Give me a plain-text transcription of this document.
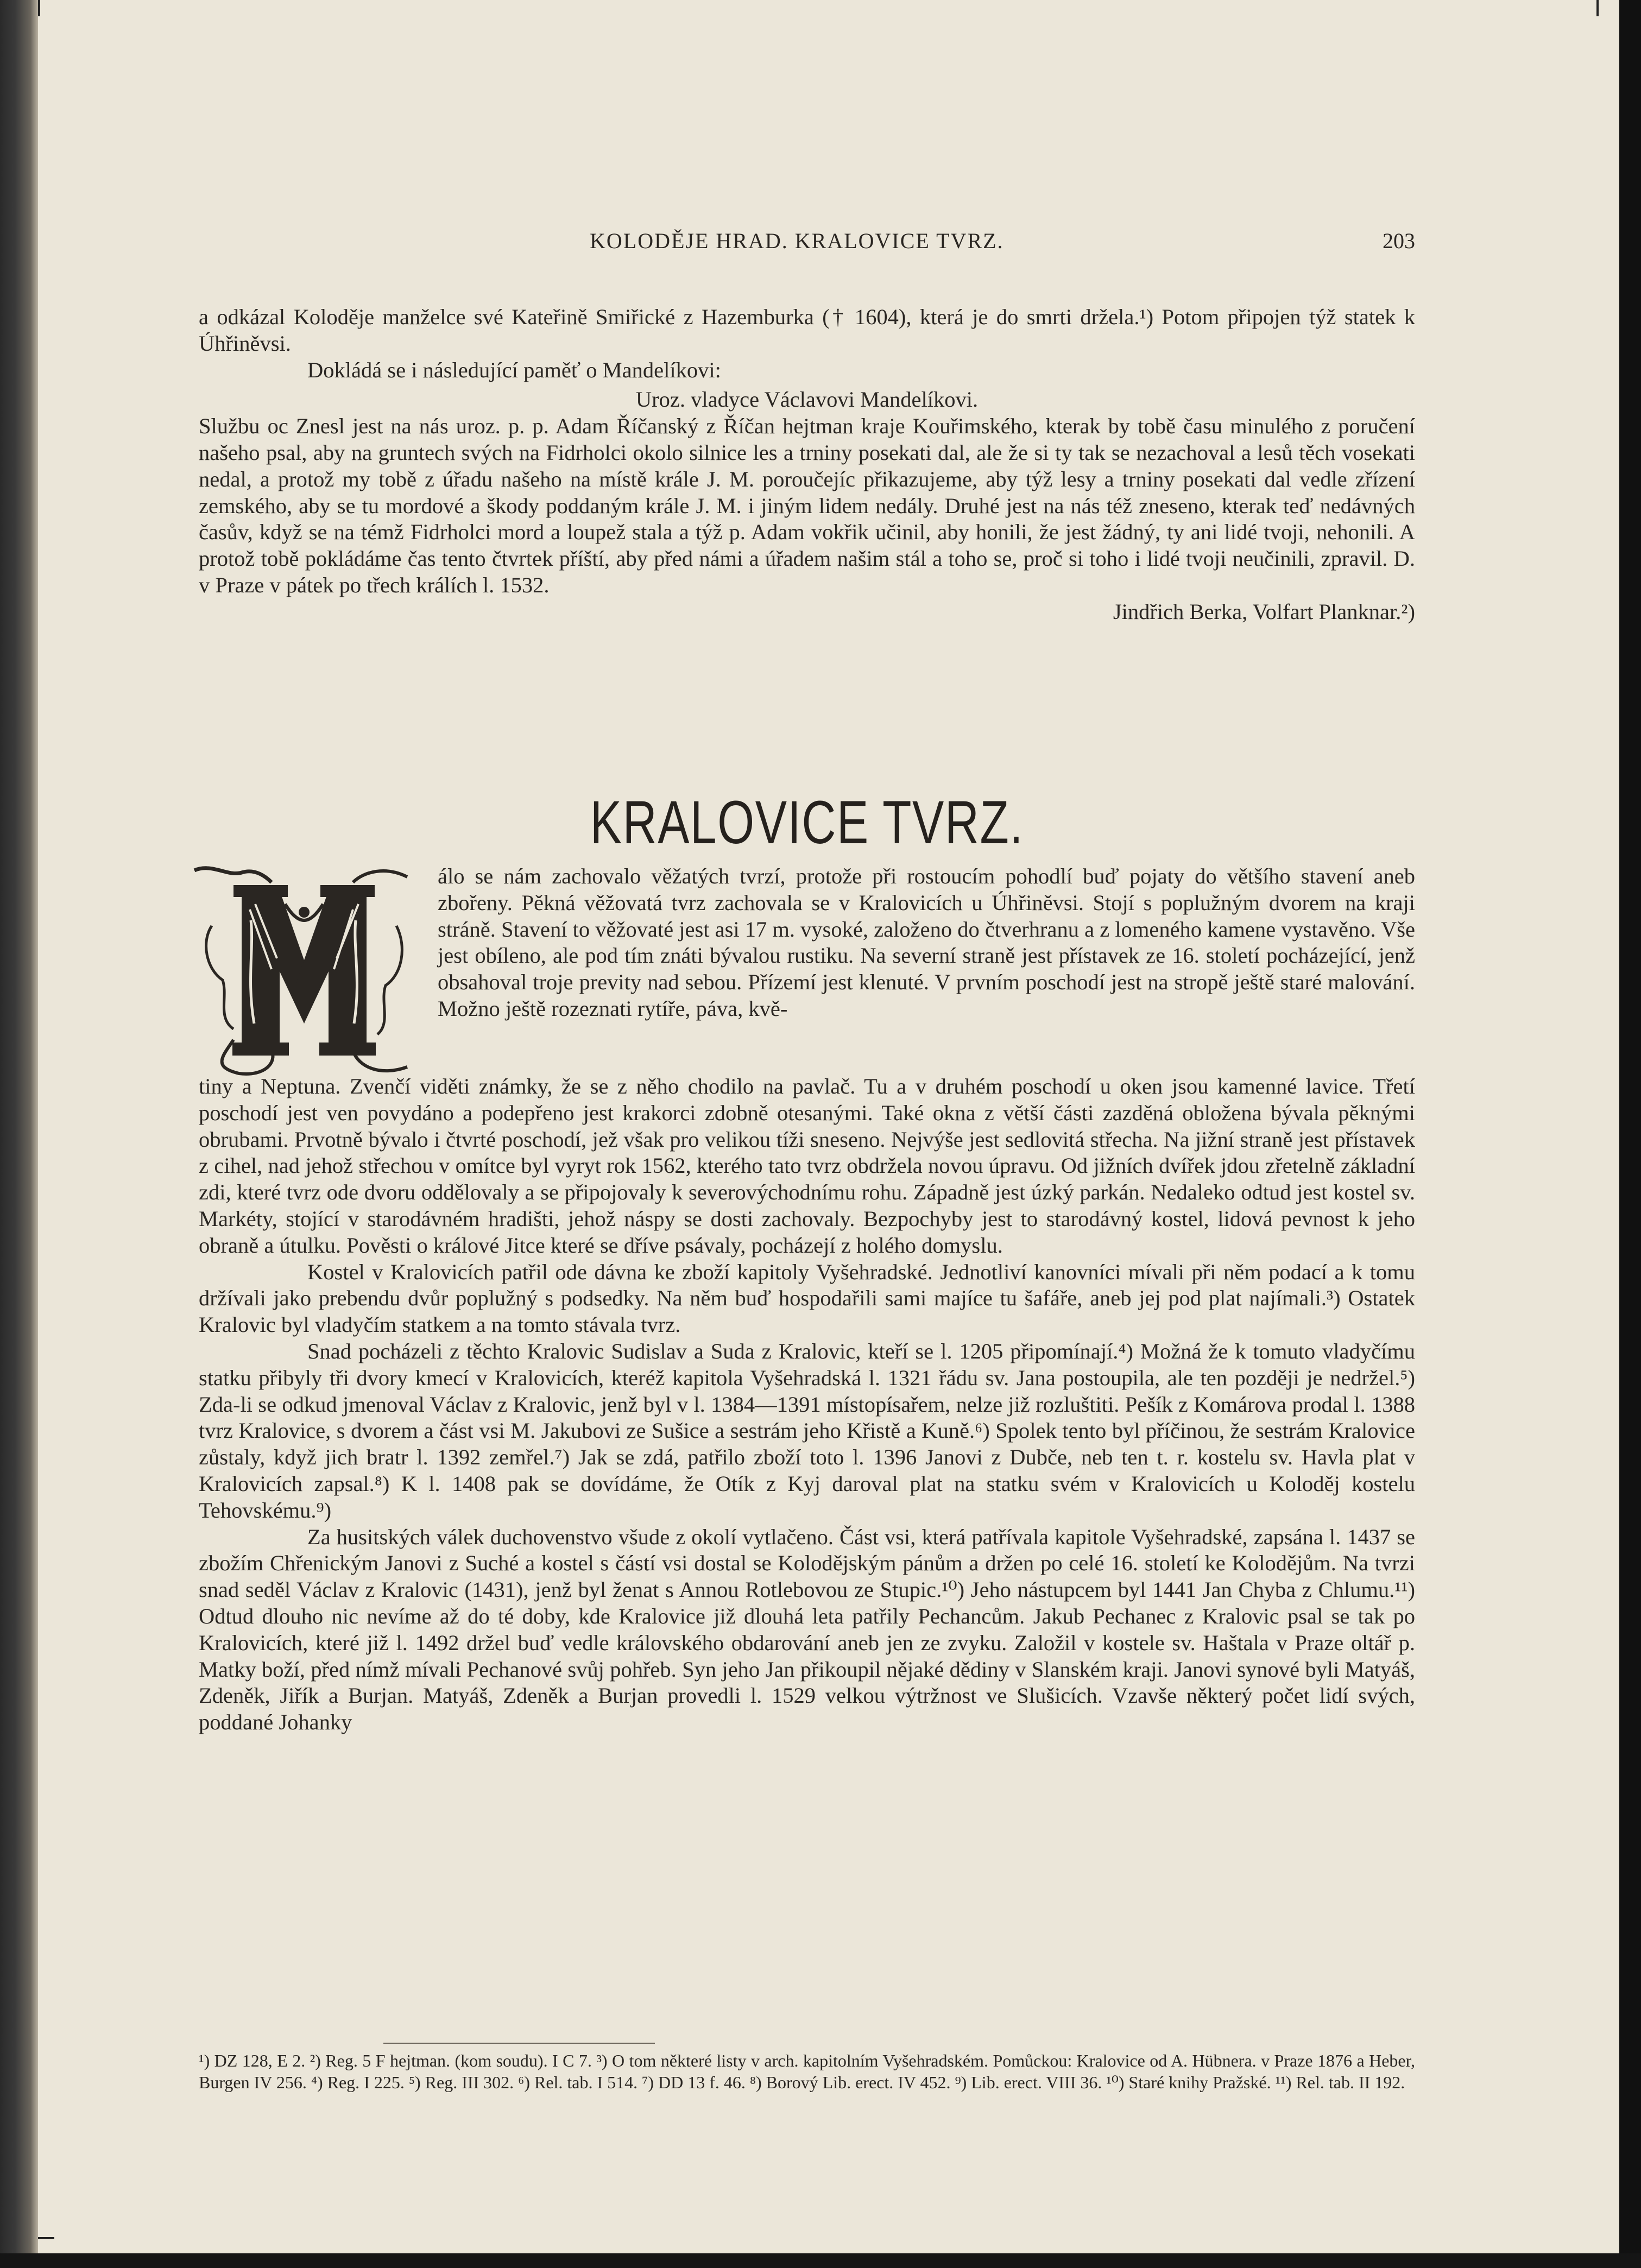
KOLODĚJE HRAD. KRALOVICE TVRZ.	203

a odkázal Koloděje manželce své Kateřině Smiřické z Hazemburka († 1604), která je do smrti držela.¹) Potom připojen týž statek k Úhřiněvsi.

Dokládá se i následující paměť o Mandelíkovi:

Uroz. vladyce Václavovi Mandelíkovi.

Službu oc Znesl jest na nás uroz. p. p. Adam Říčanský z Říčan hejtman kraje Kouřimského, kterak by tobě času minulého z poručení našeho psal, aby na gruntech svých na Fidrholci okolo silnice les a trniny posekati dal, ale že si ty tak se nezachoval a lesů těch vosekati nedal, a protož my tobě z úřadu našeho na místě krále J. M. poroučejíc přikazujeme, aby týž lesy a trniny posekati dal vedle zřízení zemského, aby se tu mordové a škody poddaným krále J. M. i jiným lidem nedály. Druhé jest na nás též zneseno, kterak teď nedávných časův, když se na témž Fidrholci mord a loupež stala a týž p. Adam vokřik učinil, aby honili, že jest žádný, ty ani lidé tvoji, nehonili. A protož tobě pokládáme čas tento čtvrtek příští, aby před námi a úřadem našim stál a toho se, proč si toho i lidé tvoji neučinili, zpravil. D. v Praze v pátek po třech králích l. 1532.

Jindřich Berka, Volfart Planknar.²)

KRALOVICE TVRZ.

álo se nám zachovalo věžatých tvrzí, protože při rostoucím pohodlí buď pojaty do většího stavení aneb zbořeny. Pěkná věžovatá tvrz zachovala se v Kralovicích u Úhřiněvsi. Stojí s poplužným dvorem na kraji stráně. Stavení to věžovaté jest asi 17 m. vysoké, založeno do čtverhranu a z lomeného kamene vystavěno. Vše jest obíleno, ale pod tím znáti bývalou rustiku. Na severní straně jest přístavek ze 16. století pocházející, jenž obsahoval troje previty nad sebou. Přízemí jest klenuté. V prvním poschodí jest na stropě ještě staré malování. Možno ještě rozeznati rytíře, páva, kvě-

tiny a Neptuna. Zvenčí viděti známky, že se z něho chodilo na pavlač. Tu a v druhém poschodí u oken jsou kamenné lavice. Třetí poschodí jest ven povydáno a podepřeno jest krakorci zdobně otesanými. Také okna z větší části zazděná obložena bývala pěknými obrubami. Prvotně bývalo i čtvrté poschodí, jež však pro velikou tíži sneseno. Nejvýše jest sedlovitá střecha. Na jižní straně jest přístavek z cihel, nad jehož střechou v omítce byl vyryt rok 1562, kterého tato tvrz obdržela novou úpravu. Od jižních dvířek jdou zřetelně základní zdi, které tvrz ode dvoru oddělovaly a se připojovaly k severovýchodnímu rohu. Západně jest úzký parkán. Nedaleko odtud jest kostel sv. Markéty, stojící v starodávném hradišti, jehož náspy se dosti zachovaly. Bezpochyby jest to starodávný kostel, lidová pevnost k jeho obraně a útulku. Pověsti o králové Jitce které se dříve psávaly, pocházejí z holého domyslu.

Kostel v Kralovicích patřil ode dávna ke zboží kapitoly Vyšehradské. Jednotliví kanovníci mívali při něm podací a k tomu držívali jako prebendu dvůr poplužný s podsedky. Na něm buď hospodařili sami majíce tu šafáře, aneb jej pod plat najímali.³) Ostatek Kralovic byl vladyčím statkem a na tomto stávala tvrz.

Snad pocházeli z těchto Kralovic Sudislav a Suda z Kralovic, kteří se l. 1205 připomínají.⁴) Možná že k tomuto vladyčímu statku přibyly tři dvory kmecí v Kralovicích, kteréž kapitola Vyšehradská l. 1321 řádu sv. Jana postoupila, ale ten později je nedržel.⁵) Zda-li se odkud jmenoval Václav z Kralovic, jenž byl v l. 1384—1391 místopísařem, nelze již rozluštiti. Pešík z Komárova prodal l. 1388 tvrz Kralovice, s dvorem a část vsi M. Jakubovi ze Sušice a sestrám jeho Křistě a Kuně.⁶) Spolek tento byl příčinou, že sestrám Kralovice zůstaly, když jich bratr l. 1392 zemřel.⁷) Jak se zdá, patřilo zboží toto l. 1396 Janovi z Dubče, neb ten t. r. kostelu sv. Havla plat v Kralovicích zapsal.⁸) K l. 1408 pak se dovídáme, že Otík z Kyj daroval plat na statku svém v Kralovicích u Koloděj kostelu Tehovskému.⁹)

Za husitských válek duchovenstvo všude z okolí vytlačeno. Část vsi, která patřívala kapitole Vyšehradské, zapsána l. 1437 se zbožím Chřenickým Janovi z Suché a kostel s částí vsi dostal se Kolodějským pánům a držen po celé 16. století ke Kolodějům. Na tvrzi snad seděl Václav z Kralovic (1431), jenž byl ženat s Annou Rotlebovou ze Stupic.¹⁰) Jeho nástupcem byl 1441 Jan Chyba z Chlumu.¹¹) Odtud dlouho nic nevíme až do té doby, kde Kralovice již dlouhá leta patřily Pechancům. Jakub Pechanec z Kralovic psal se tak po Kralovicích, které již l. 1492 držel buď vedle královského obdarování aneb jen ze zvyku. Založil v kostele sv. Haštala v Praze oltář p. Matky boží, před nímž mívali Pechanové svůj pohřeb. Syn jeho Jan přikoupil nějaké dědiny v Slanském kraji. Janovi synové byli Matyáš, Zdeněk, Jiřík a Burjan. Matyáš, Zdeněk a Burjan provedli l. 1529 velkou výtržnost ve Slušicích. Vzavše některý počet lidí svých, poddané Johanky

¹) DZ 128, E 2. ²) Reg. 5 F hejtman. (kom soudu). I C 7. ³) O tom některé listy v arch. kapitolním Vyšehradském. Pomůckou: Kralovice od A. Hübnera. v Praze 1876 a Heber, Burgen IV 256. ⁴) Reg. I 225. ⁵) Reg. III 302. ⁶) Rel. tab. I 514. ⁷) DD 13 f. 46. ⁸) Borový Lib. erect. IV 452. ⁹) Lib. erect. VIII 36. ¹⁰) Staré knihy Pražské. ¹¹) Rel. tab. II 192.
